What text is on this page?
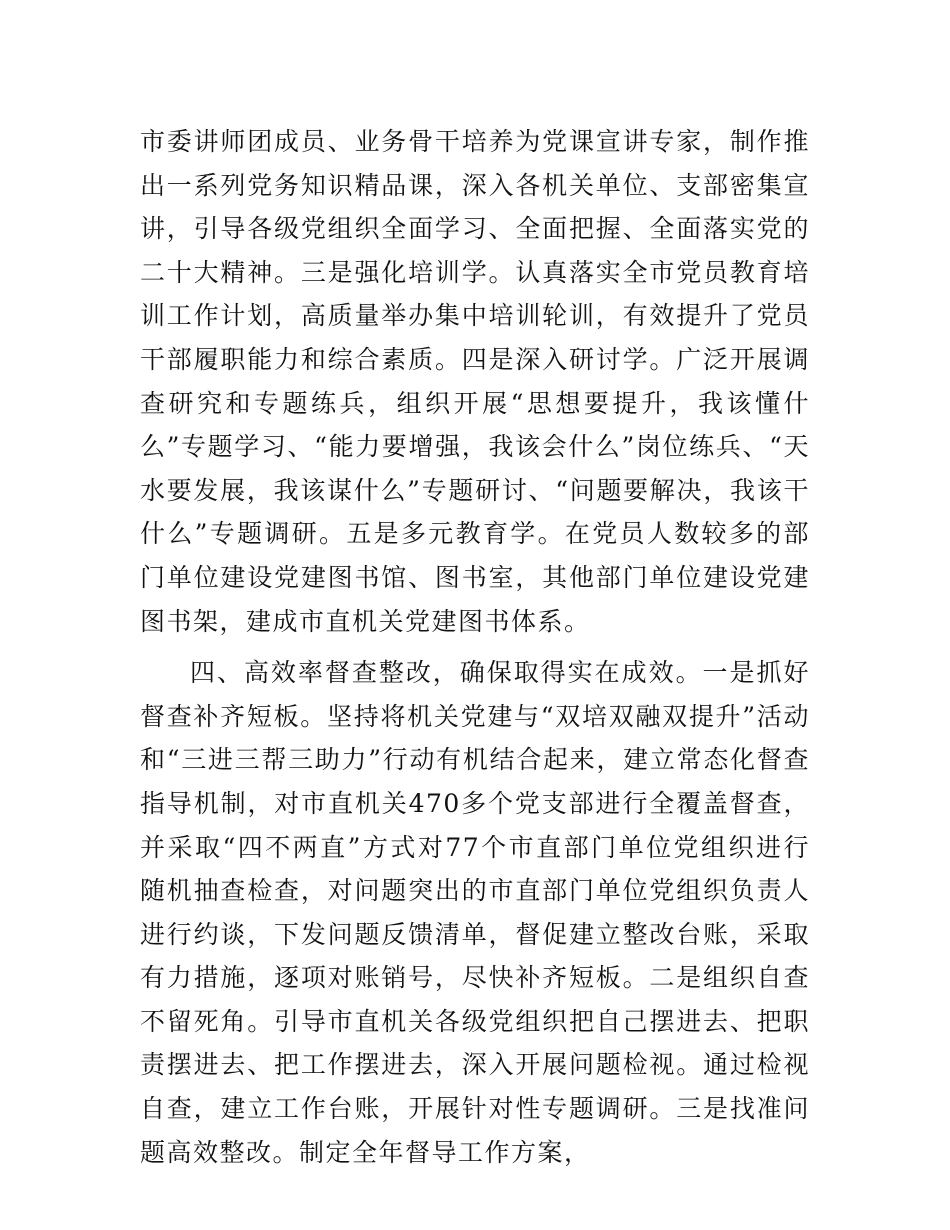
市委讲师团成员、业务骨干培养为党课宣讲专家，制作推出一系列党务知识精品课，深入各机关单位、支部密集宣讲，引导各级党组织全面学习、全面把握、全面落实党的二十大精神。三是强化培训学。认真落实全市党员教育培训工作计划，高质量举办集中培训轮训，有效提升了党员干部履职能力和综合素质。四是深入研讨学。广泛开展调查研究和专题练兵，组织开展“思想要提升，我该懂什么”专题学习、“能力要增强，我该会什么”岗位练兵、“天水要发展，我该谋什么”专题研讨、“问题要解决，我该干什么”专题调研。五是多元教育学。在党员人数较多的部门单位建设党建图书馆、图书室，其他部门单位建设党建图书架，建成市直机关党建图书体系。

四、高效率督查整改，确保取得实在成效。一是抓好督查补齐短板。坚持将机关党建与“双培双融双提升”活动和“三进三帮三助力”行动有机结合起来，建立常态化督查指导机制，对市直机关470多个党支部进行全覆盖督查，并采取“四不两直”方式对77个市直部门单位党组织进行随机抽查检查，对问题突出的市直部门单位党组织负责人进行约谈，下发问题反馈清单，督促建立整改台账，采取有力措施，逐项对账销号，尽快补齐短板。二是组织自查不留死角。引导市直机关各级党组织把自己摆进去、把职责摆进去、把工作摆进去，深入开展问题检视。通过检视自查，建立工作台账，开展针对性专题调研。三是找准问题高效整改。制定全年督导工作方案，
